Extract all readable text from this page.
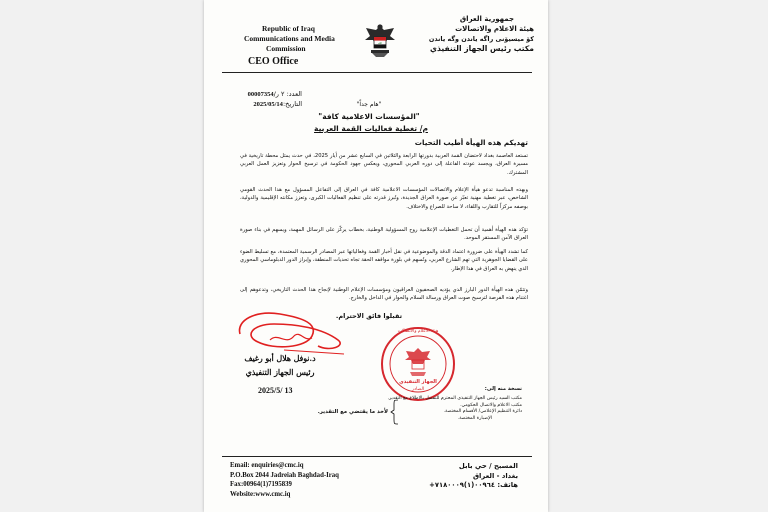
Republic of Iraq
Communications and Media
Commission
CEO Office
الله
جمهورية العراق
هيئة الاعلام والاتصالات
كۆ میسیۆنی راگە یاندن وگە یاندن
مكتب رئيس الجهاز التنفيذي
العدد: ٢ ر/00007354
التاريخ:2025/05/14	"هام جداً"
"المؤسسات الاعلامية كافة"
م/ تغطية فعاليات القمة العربية
تهديكم هذه الهيأة أطيب التحيات
تستعد العاصمة بغداد لاحتضان القمة العربية بدورتها الرابعة والثلاثين في السابع عشر من أيار 2025، في حدث يمثل محطة تاريخية في مسيرة العراق، ويجسد عودته الفاعلة إلى دوره العربي المحوري، ويعكس جهود الحكومة في ترسيخ الحوار وتعزيز العمل العربي المشترك.
وبهذه المناسبة تدعو هيأة الإعلام والاتصالات المؤسسات الاعلامية كافة في العراق إلى التفاعل المسؤول مع هذا الحدث القومي الشاخص، عبر تغطية مهنية تعبّر عن صورة العراق الجديدة، وتُبرز قدرته على تنظيم الفعاليات الكبرى، وتعزز مكانته الإقليمية والدولية، بوصفه مركزاً للتقارب واللقاء، لا ساحة للصراع والاختلاف.
تؤكد هذه الهيأة أهمية أن تحمل التغطيات الإعلامية روح المسؤولية الوطنية، بخطاب يركّز على الرسائل المهمة، ويسهم في بناء صورة العراق الآمن المستقر الموحد.
كما تشدد الهيأة على ضرورة اعتماد الدقة والموضوعية في نقل أخبار القمة وفعالياتها عبر المصادر الرسمية المعتمدة، مع تسليط الضوء على القضايا الجوهرية التي تهم الشارع العربي، وتُسهم في بلورة مواقفه الحقة تجاه تحديات المنطقة، وإبراز الدور الدبلوماسي المحوري الذي ينهض به العراق في هذا الإطار.
وتثمّن هذه الهيأة الدور البارز الذي يؤديه الصحفيون العراقيون ومؤسسات الإعلام الوطنية لإنجاح هذا الحدث التاريخي، وتدعوهم إلى اغتنام هذه الفرصة لترسيخ صوت العراق ورسالة السلام والحوار في الداخل والخارج.
تقبلوا فائق الاحترام.
د.نوفل هلال أبو رغيف
رئيس الجهاز التنفيذي
2025/5/ 13
هيئة الاعلام والاتصالات
الجهاز التنفيذي
الصادر	نسخة منه إلى:
مكتب السيد رئيس الجهاز التنفيذي المحترم للتفضل بالاطلاع مع التقدير.
مكتب الاعلام والاتصال الحكومي.
دائرة التنظيم الإعلامي/ الأقسام المختصة.
الإضبارة المختصة.
لأخذ ما يقتضي مع التقدير.
Email: enquiries@cmc.iq
P.O.Box 2044 Jadreiah Baghdad-Iraq
Fax:00964(1)7195839
Website:www.cmc.iq
المسبح / حي بابل
بغداد - العراق
هاتف: ٠٠٩٦٤(١)٧١٨٠٠٠٩+
